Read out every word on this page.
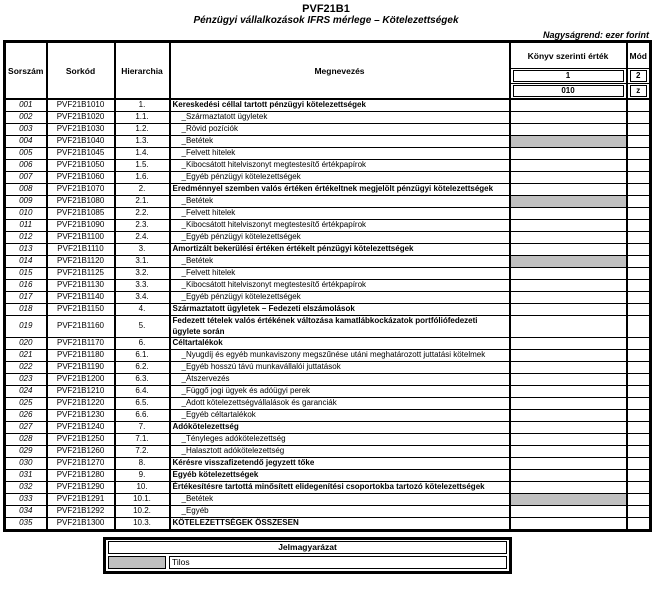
PVF21B1
Pénzügyi vállalkozások IFRS mérlege – Kötelezettségek
Nagyságrend: ezer forint
Sorszám	Sorkód	Hierarchia	Megnevezés	Könyv szerinti érték	Mód

				1	2

				010	z

001	PVF21B1010	1.	Kereskedési céllal tartott pénzügyi kötelezettségek		
002	PVF21B1020	1.1.	_Származtatott ügyletek		
003	PVF21B1030	1.2.	_Rövid pozíciók		
004	PVF21B1040	1.3.	_Betétek		
005	PVF21B1045	1.4.	_Felvett hitelek		
006	PVF21B1050	1.5.	_Kibocsátott hitelviszonyt megtestesítő értékpapírok		
007	PVF21B1060	1.6.	_Egyéb pénzügyi kötelezettségek		
008	PVF21B1070	2.	Eredménnyel szemben valós értéken értékeltnek megjelölt pénzügyi kötelezettségek		
009	PVF21B1080	2.1.	_Betétek		
010	PVF21B1085	2.2.	_Felvett hitelek		
011	PVF21B1090	2.3.	_Kibocsátott hitelviszonyt megtestesítő értékpapírok		
012	PVF21B1100	2.4.	_Egyéb pénzügyi kötelezettségek		
013	PVF21B1110	3.	Amortizált bekerülési értéken értékelt pénzügyi kötelezettségek		
014	PVF21B1120	3.1.	_Betétek		
015	PVF21B1125	3.2.	_Felvett hitelek		
016	PVF21B1130	3.3.	_Kibocsátott hitelviszonyt megtestesítő értékpapírok		
017	PVF21B1140	3.4.	_Egyéb pénzügyi kötelezettségek		
018	PVF21B1150	4.	Származtatott ügyletek – Fedezeti elszámolások		
019	PVF21B1160	5.	Fedezett tételek valós értékének változása kamatlábkockázatok portfóliófedezeti ügylete során		
020	PVF21B1170	6.	Céltartalékok		
021	PVF21B1180	6.1.	_Nyugdíj és egyéb munkaviszony megszűnése utáni meghatározott juttatási kötelmek		
022	PVF21B1190	6.2.	_Egyéb hosszú távú munkavállalói juttatások		
023	PVF21B1200	6.3.	_Átszervezés		
024	PVF21B1210	6.4.	_Függő jogi ügyek és adóügyi perek		
025	PVF21B1220	6.5.	_Adott kötelezettségvállalások és garanciák		
026	PVF21B1230	6.6.	_Egyéb céltartalékok		
027	PVF21B1240	7.	Adókötelezettség		
028	PVF21B1250	7.1.	_Tényleges adókötelezettség		
029	PVF21B1260	7.2.	_Halasztott adókötelezettség		
030	PVF21B1270	8.	Kérésre visszafizetendő jegyzett tőke		
031	PVF21B1280	9.	Egyéb kötelezettségek		
032	PVF21B1290	10.	Értékesítésre tartottá minősített elidegenítési csoportokba tartozó kötelezettségek		
033	PVF21B1291	10.1.	_Betétek		
034	PVF21B1292	10.2.	_Egyéb		
035	PVF21B1300	10.3.	KÖTELEZETTSÉGEK ÖSSZESEN		
Jelmagyarázat
Tilos
